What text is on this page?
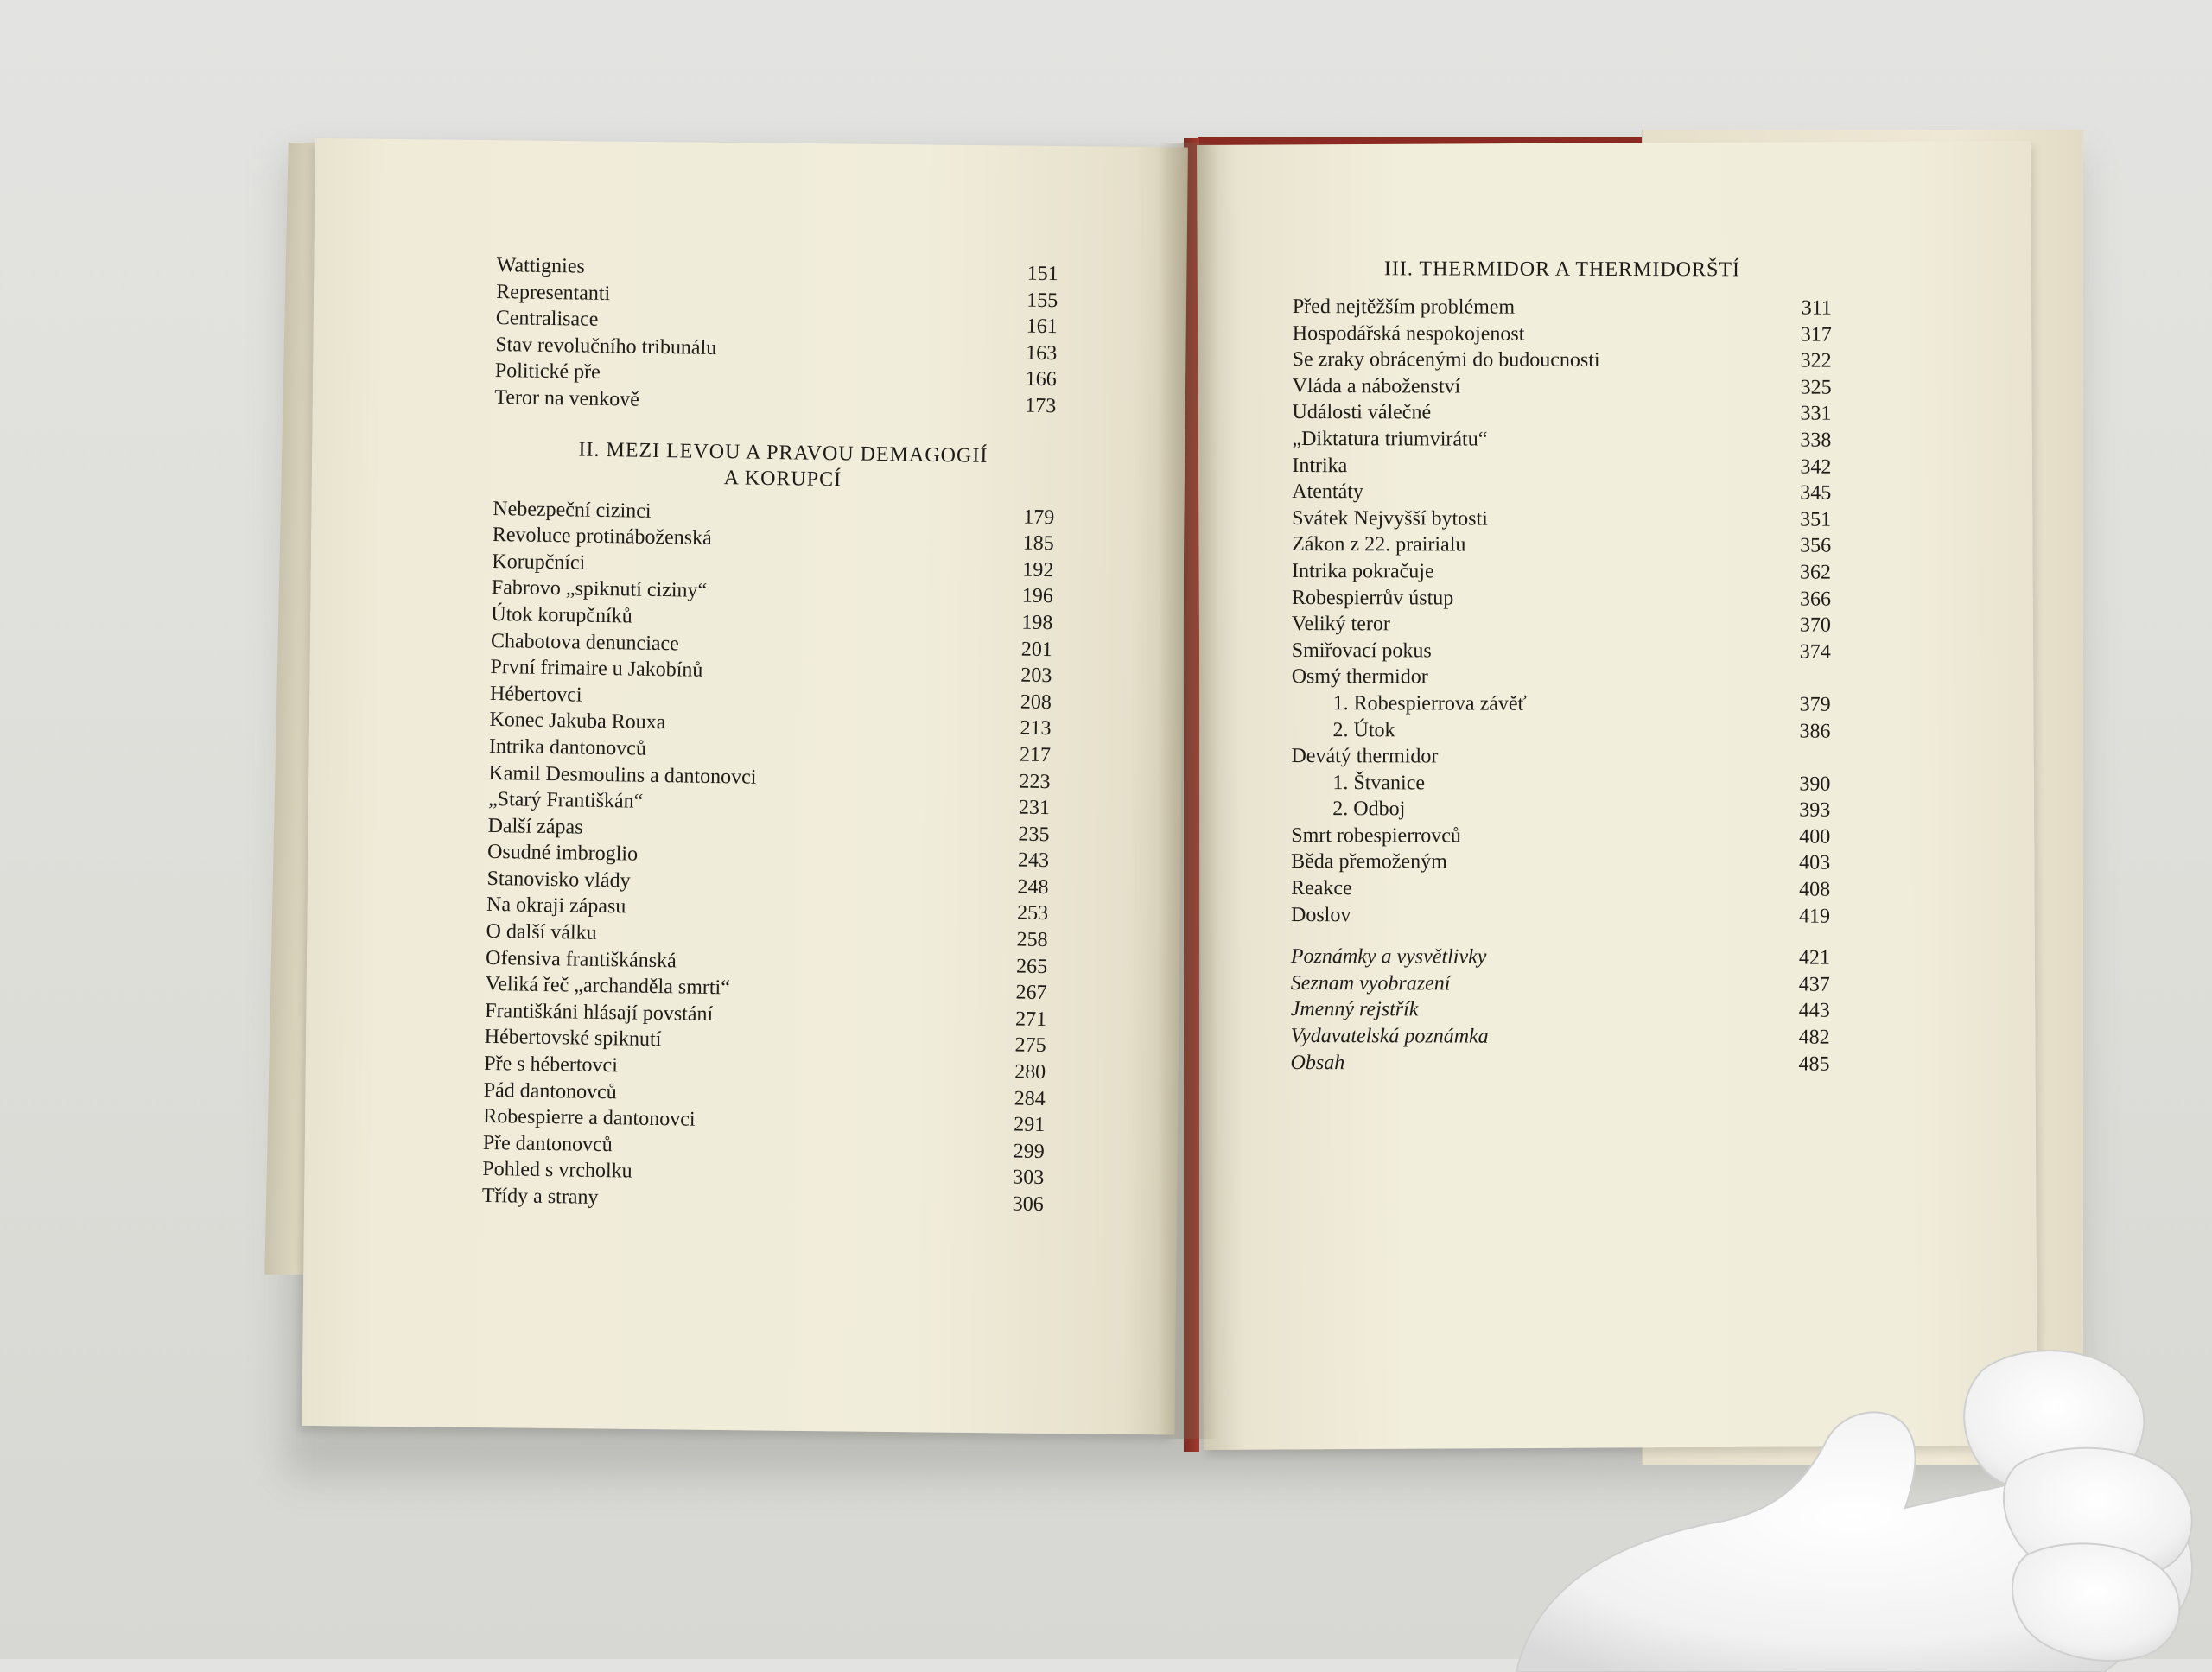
Wattignies	151
Representanti	155
Centralisace	161
Stav revolučního tribunálu	163
Politické pře	166
Teror na venkově	173
II. MEZI LEVOU A PRAVOU DEMAGOGIÍ
A KORUPCÍ
Nebezpeční cizinci	179
Revoluce protináboženská	185
Korupčníci	192
Fabrovo „spiknutí ciziny“	196
Útok korupčníků	198
Chabotova denunciace	201
První frimaire u Jakobínů	203
Hébertovci	208
Konec Jakuba Rouxa	213
Intrika dantonovců	217
Kamil Desmoulins a dantonovci	223
„Starý Františkán“	231
Další zápas	235
Osudné imbroglio	243
Stanovisko vlády	248
Na okraji zápasu	253
O další válku	258
Ofensiva františkánská	265
Veliká řeč „archanděla smrti“	267
Františkáni hlásají povstání	271
Hébertovské spiknutí	275
Pře s hébertovci	280
Pád dantonovců	284
Robespierre a dantonovci	291
Pře dantonovců	299
Pohled s vrcholku	303
Třídy a strany	306
III. THERMIDOR A THERMIDORŠTÍ
Před nejtěžším problémem	311
Hospodářská nespokojenost	317
Se zraky obrácenými do budoucnosti	322
Vláda a náboženství	325
Události válečné	331
„Diktatura triumvirátu“	338
Intrika	342
Atentáty	345
Svátek Nejvyšší bytosti	351
Zákon z 22. prairialu	356
Intrika pokračuje	362
Robespierrův ústup	366
Veliký teror	370
Smiřovací pokus	374
Osmý thermidor
1. Robespierrova závěť	379
2. Útok	386
Devátý thermidor
1. Štvanice	390
2. Odboj	393
Smrt robespierrovců	400
Běda přemoženým	403
Reakce	408
Doslov	419
Poznámky a vysvětlivky	421
Seznam vyobrazení	437
Jmenný rejstřík	443
Vydavatelská poznámka	482
Obsah	485
